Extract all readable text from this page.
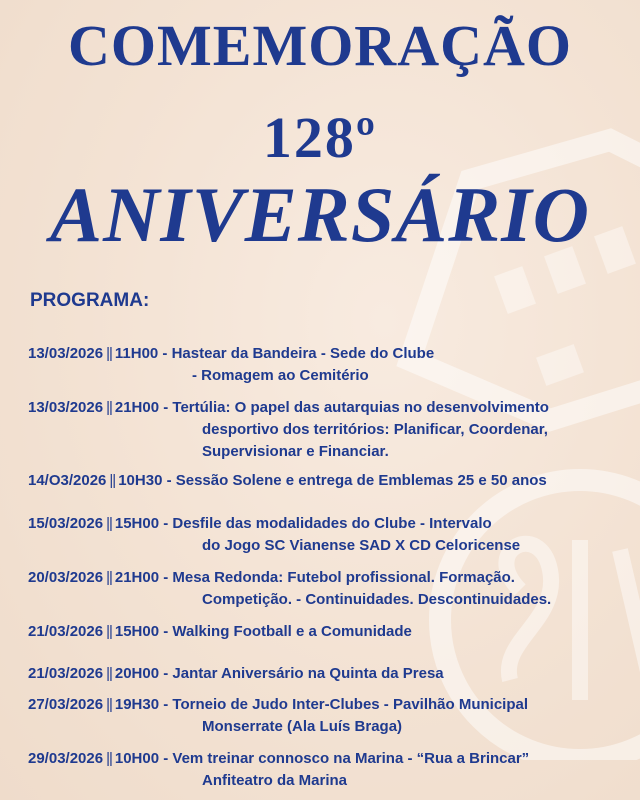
COMEMORAÇÃO
128º
ANIVERSÁRIO
PROGRAMA:
13/03/2026 || 11H00 - Hastear da Bandeira - Sede do Clube
- Romagem ao Cemitério
13/03/2026 || 21H00 - Tertúlia: O papel das autarquias no desenvolvimento
desportivo dos territórios: Planificar, Coordenar,
Supervisionar e Financiar.
14/O3/2026 || 10H30 - Sessão Solene e entrega de Emblemas 25 e 50 anos
15/03/2026 || 15H00 - Desfile das modalidades do Clube - Intervalo
do Jogo SC Vianense SAD X CD Celoricense
20/03/2026 || 21H00 - Mesa Redonda: Futebol profissional. Formação.
Competição. - Continuidades. Descontinuidades.
21/03/2026 || 15H00 - Walking Football e a Comunidade
21/03/2026 || 20H00 - Jantar Aniversário na Quinta da Presa
27/03/2026 || 19H30 - Torneio de Judo Inter-Clubes - Pavilhão Municipal
Monserrate (Ala Luís Braga)
29/03/2026 || 10H00 - Vem treinar connosco na Marina - “Rua a Brincar”
Anfiteatro da Marina
